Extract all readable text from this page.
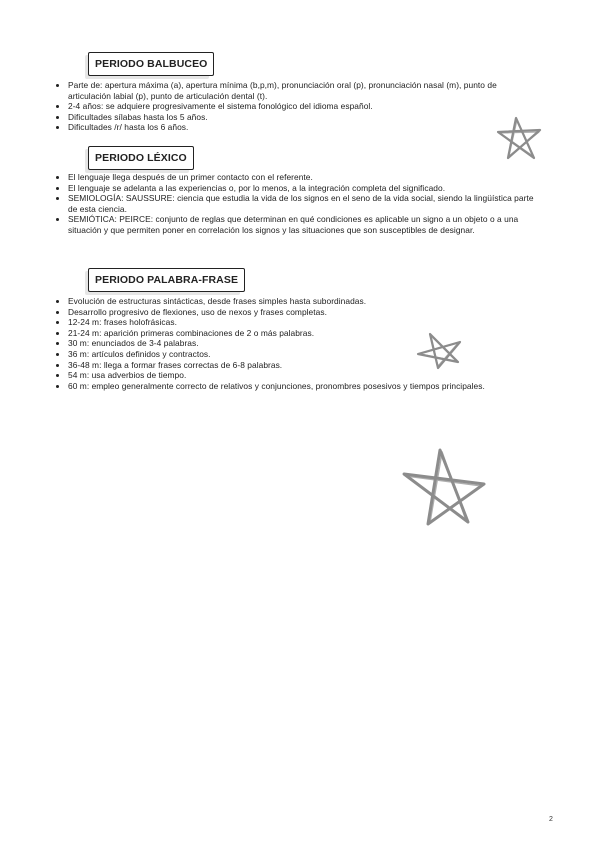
PERIODO BALBUCEO
• Parte de: apertura máxima (a), apertura mínima (b,p,m), pronunciación oral (p), pronunciación nasal (m), punto de articulación labial (p), punto de articulación dental (t).
• 2-4 años: se adquiere progresivamente el sistema fonológico del idioma español.
• Dificultades sílabas hasta los 5 años.
• Dificultades /r/ hasta los 6 años.
PERIODO LÉXICO
• El lenguaje llega después de un primer contacto con el referente.
• El lenguaje se adelanta a las experiencias o, por lo menos, a la integración completa del significado.
• SEMIOLOGÍA: SAUSSURE: ciencia que estudia la vida de los signos en el seno de la vida social, siendo la lingüística parte de esta ciencia.
• SEMIÓTICA: PEIRCE: conjunto de reglas que determinan en qué condiciones es aplicable un signo a un objeto o a una situación y que permiten poner en correlación los signos y las situaciones que son susceptibles de designar.
PERIODO PALABRA-FRASE
• Evolución de estructuras sintácticas, desde frases simples hasta subordinadas.
• Desarrollo progresivo de flexiones, uso de nexos y frases completas.
• 12-24 m: frases holofrásicas.
• 21-24 m: aparición primeras combinaciones de 2 o más palabras.
• 30 m: enunciados de 3-4 palabras.
• 36 m: artículos definidos y contractos.
• 36-48 m: llega a formar frases correctas de 6-8 palabras.
• 54 m: usa adverbios de tiempo.
• 60 m: empleo generalmente correcto de relativos y conjunciones, pronombres posesivos y tiempos principales.
2
